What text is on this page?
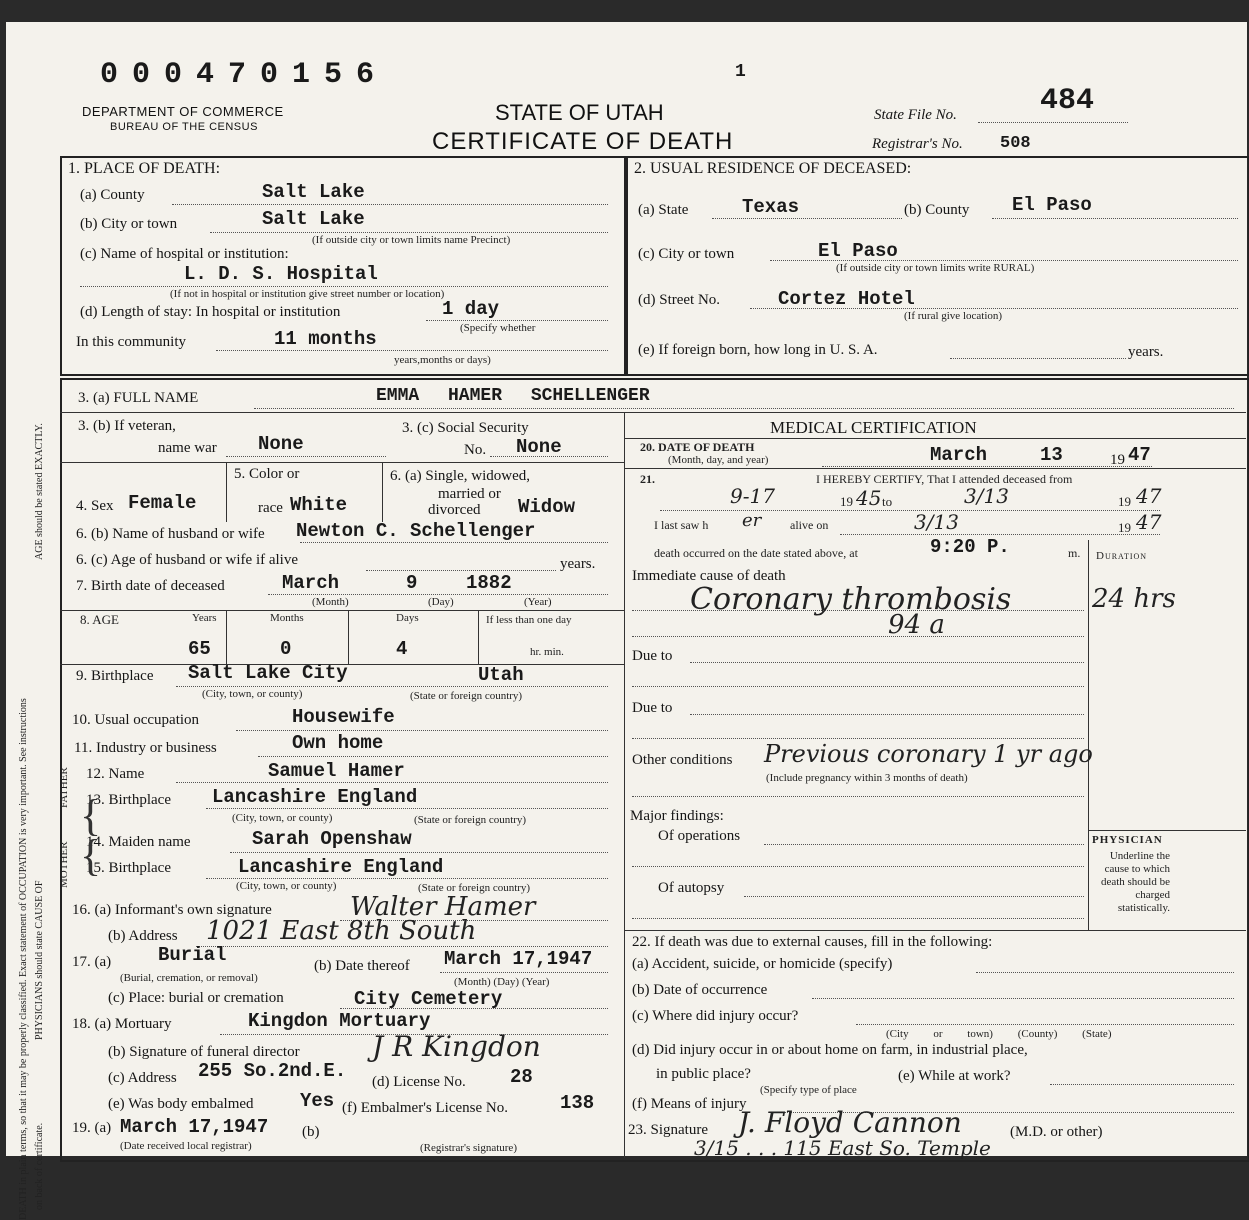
DEATH in plain terms, so that it may be properly classified. Exact statement of OCCUPATION is very important. See instructions on back of certificate.
PHYSICIANS should state CAUSE OF
AGE should be stated EXACTLY.
000470156	1
DEPARTMENT OF COMMERCE
BUREAU OF THE CENSUS
STATE OF UTAH
CERTIFICATE OF DEATH
State File No.	484
Registrar's No. 508
1. PLACE OF DEATH:
(a) County	Salt Lake
(b) City or town	Salt Lake
(If outside city or town limits name Precinct)
(c) Name of hospital or institution:
L. D. S. Hospital
(If not in hospital or institution give street number or location)
(d) Length of stay: In hospital or institution	1 day
(Specify whether
In this community	11 months
years,months or days)
2. USUAL RESIDENCE OF DECEASED:
(a) State	Texas	(b) County El Paso
(c) City or town	El Paso
(If outside city or town limits write RURAL)
(d) Street No.	Cortez Hotel
(If rural give location)
(e) If foreign born, how long in U. S. A.	years.
3. (a) FULL NAME	EMMA HAMER SCHELLENGER
3. (b) If veteran,
name war None
3. (c) Social Security
No. None
MEDICAL CERTIFICATION
20. DATE OF DEATH
(Month, day, and year)	March	13	19 47
5. Color or
race White
6. (a) Single, widowed,
married or
divorced Widow
4. Sex Female
6. (b) Name of husband or wife Newton C. Schellenger
6. (c) Age of husband or wife if alive	years.
7. Birth date of deceased	March	9	1882
(Month)	(Day)	(Year)
8. AGE	Years	Months	Days	If less than one day
65	0	4	hr. min.
9. Birthplace Salt Lake City	Utah
(City, town, or county)	(State or foreign country)
10. Usual occupation	Housewife
11. Industry or business	Own home
FATHER
MOTHER
12. Name	Samuel Hamer
13. Birthplace Lancashire England
(City, town, or county)	(State or foreign country)
14. Maiden name	Sarah Openshaw
15. Birthplace	Lancashire England
(City, town, or county)	(State or foreign country)
{
{
16. (a) Informant's own signature	Walter Hamer
(b) Address 1021 East 8th South
17. (a) Burial
(Burial, cremation, or removal)
(b) Date thereof March 17,1947
(Month) (Day) (Year)
(c) Place: burial or cremation	City Cemetery
18. (a) Mortuary	Kingdon Mortuary
(b) Signature of funeral director	J R Kingdon
(c) Address 255 So.2nd.E. (d) License No. 28
(e) Was body embalmed Yes (f) Embalmer's License No.	138
19. (a) March 17,1947 (b)
(Date received local registrar)	(Registrar's signature)
21.	I HEREBY CERTIFY, That I attended deceased from
9-17	19 45 to	3/13	19 47
I last saw h er alive on	3/13	19 47
death occurred on the date stated above, at	9:20 P.	m. Duration
Immediate cause of death
Coronary thrombosis	24 hrs
94 a
Due to
Due to
Other conditions Previous coronary 1 yr ago
(Include pregnancy within 3 months of death)
Major findings:
Of operations
Of autopsy
PHYSICIAN
Underline the cause to which death should be charged statistically.
22. If death was due to external causes, fill in the following:
(a) Accident, suicide, or homicide (specify)
(b) Date of occurrence
(c) Where did injury occur?
(City or town) (County) (State)
(d) Did injury occur in or about home on farm, in industrial place,
in public place?
(Specify type of place
(e) While at work?
(f) Means of injury
23. Signature J. Floyd Cannon	(M.D. or other)
3/15 . . . 115 East So. Temple
